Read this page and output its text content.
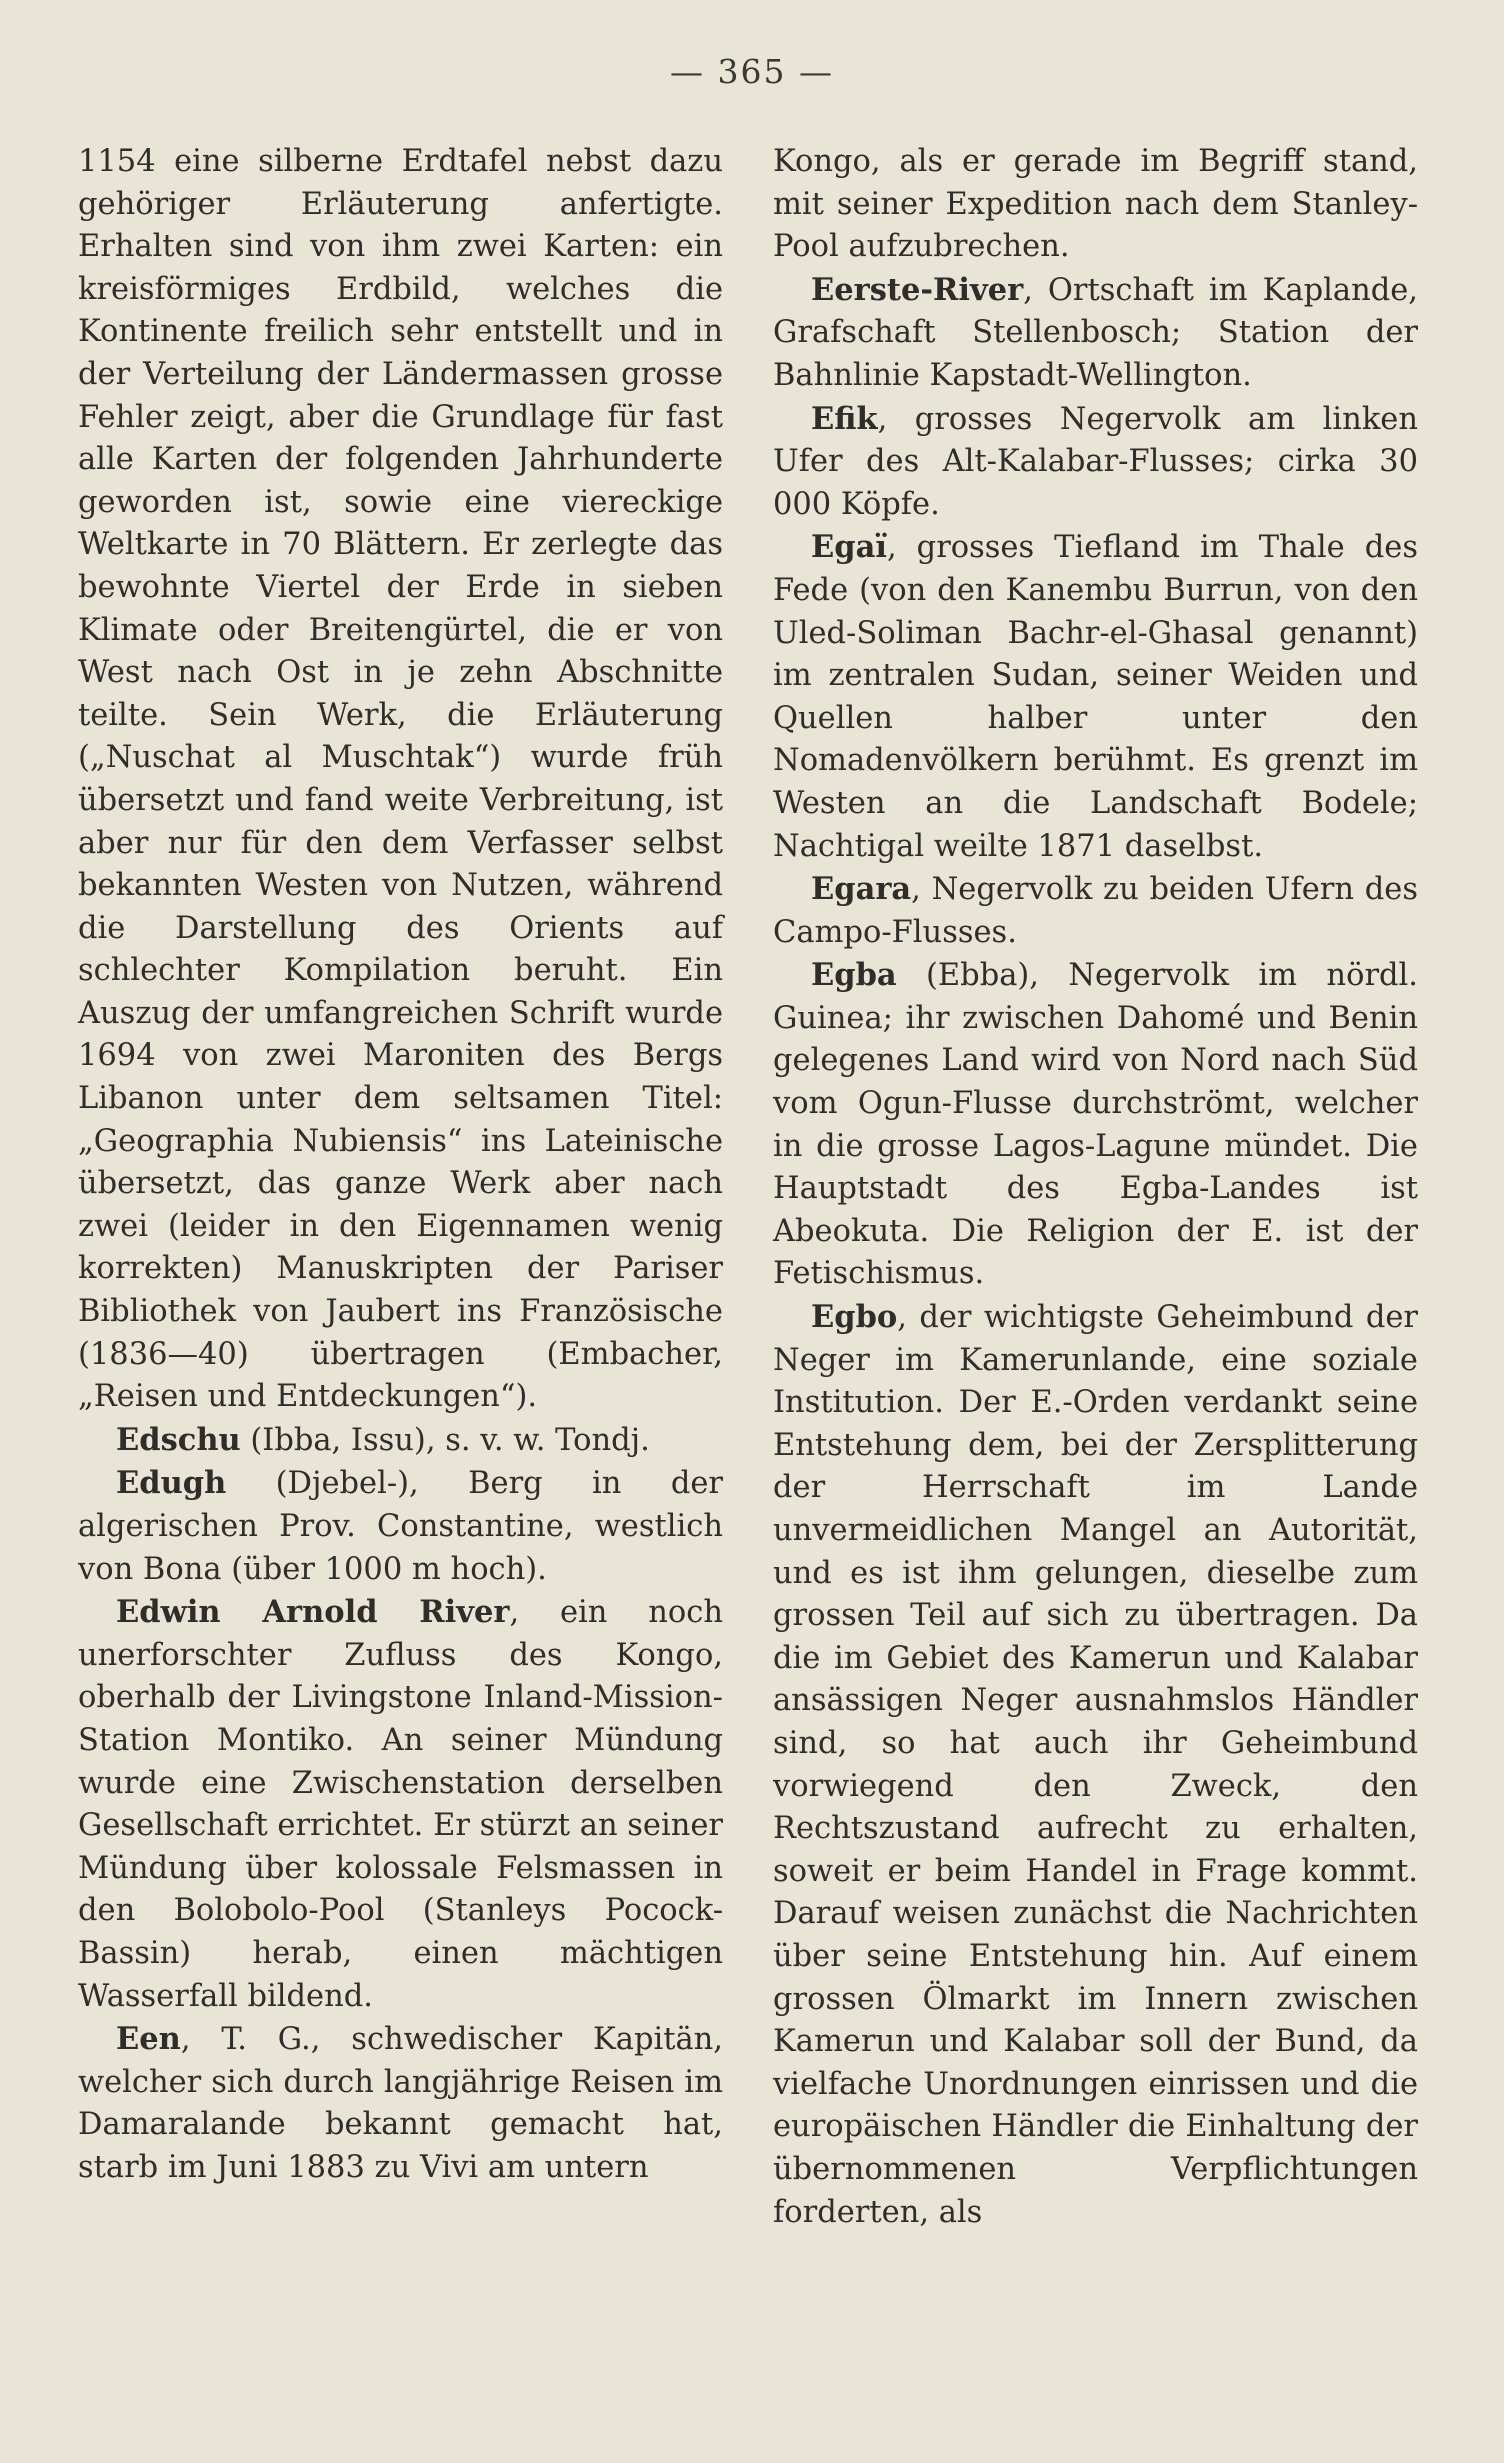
— 365 —

1154 eine silberne Erdtafel nebst dazu gehöriger Erläuterung anfertigte. Erhalten sind von ihm zwei Karten: ein kreisförmiges Erdbild, welches die Kontinente freilich sehr entstellt und in der Verteilung der Ländermassen grosse Fehler zeigt, aber die Grundlage für fast alle Karten der folgenden Jahrhunderte geworden ist, sowie eine viereckige Weltkarte in 70 Blättern. Er zerlegte das bewohnte Viertel der Erde in sieben Klimate oder Breitengürtel, die er von West nach Ost in je zehn Abschnitte teilte. Sein Werk, die Erläuterung („Nuschat al Muschtak“) wurde früh übersetzt und fand weite Verbreitung, ist aber nur für den dem Verfasser selbst bekannten Westen von Nutzen, während die Darstellung des Orients auf schlechter Kompilation beruht. Ein Auszug der umfangreichen Schrift wurde 1694 von zwei Maroniten des Bergs Libanon unter dem seltsamen Titel: „Geographia Nubiensis“ ins Lateinische übersetzt, das ganze Werk aber nach zwei (leider in den Eigennamen wenig korrekten) Manuskripten der Pariser Bibliothek von Jaubert ins Französische (1836—40) übertragen (Embacher, „Reisen und Entdeckungen“).

Edschu (Ibba, Issu), s. v. w. Tondj.

Edugh (Djebel-), Berg in der algerischen Prov. Constantine, westlich von Bona (über 1000 m hoch).

Edwin Arnold River, ein noch unerforschter Zufluss des Kongo, oberhalb der Livingstone Inland-Mission-Station Montiko. An seiner Mündung wurde eine Zwischenstation derselben Gesellschaft errichtet. Er stürzt an seiner Mündung über kolossale Felsmassen in den Bolobolo-Pool (Stanleys Pocock-Bassin) herab, einen mächtigen Wasserfall bildend.

Een, T. G., schwedischer Kapitän, welcher sich durch langjährige Reisen im Damaralande bekannt gemacht hat, starb im Juni 1883 zu Vivi am untern

Kongo, als er gerade im Begriff stand, mit seiner Expedition nach dem Stanley-Pool aufzubrechen.

Eerste-River, Ortschaft im Kaplande, Grafschaft Stellenbosch; Station der Bahnlinie Kapstadt-Wellington.

Efik, grosses Negervolk am linken Ufer des Alt-Kalabar-Flusses; cirka 30 000 Köpfe.

Egaï, grosses Tiefland im Thale des Fede (von den Kanembu Burrun, von den Uled-Soliman Bachr-el-Ghasal genannt) im zentralen Sudan, seiner Weiden und Quellen halber unter den Nomadenvölkern berühmt. Es grenzt im Westen an die Landschaft Bodele; Nachtigal weilte 1871 daselbst.

Egara, Negervolk zu beiden Ufern des Campo-Flusses.

Egba (Ebba), Negervolk im nördl. Guinea; ihr zwischen Dahomé und Benin gelegenes Land wird von Nord nach Süd vom Ogun-Flusse durchströmt, welcher in die grosse Lagos-Lagune mündet. Die Hauptstadt des Egba-Landes ist Abeokuta. Die Religion der E. ist der Fetischismus.

Egbo, der wichtigste Geheimbund der Neger im Kamerunlande, eine soziale Institution. Der E.-Orden verdankt seine Entstehung dem, bei der Zersplitterung der Herrschaft im Lande unvermeidlichen Mangel an Autorität, und es ist ihm gelungen, dieselbe zum grossen Teil auf sich zu übertragen. Da die im Gebiet des Kamerun und Kalabar ansässigen Neger ausnahmslos Händler sind, so hat auch ihr Geheimbund vorwiegend den Zweck, den Rechtszustand aufrecht zu erhalten, soweit er beim Handel in Frage kommt. Darauf weisen zunächst die Nachrichten über seine Entstehung hin. Auf einem grossen Ölmarkt im Innern zwischen Kamerun und Kalabar soll der Bund, da vielfache Unordnungen einrissen und die europäischen Händler die Einhaltung der übernommenen Verpflichtungen forderten, als
